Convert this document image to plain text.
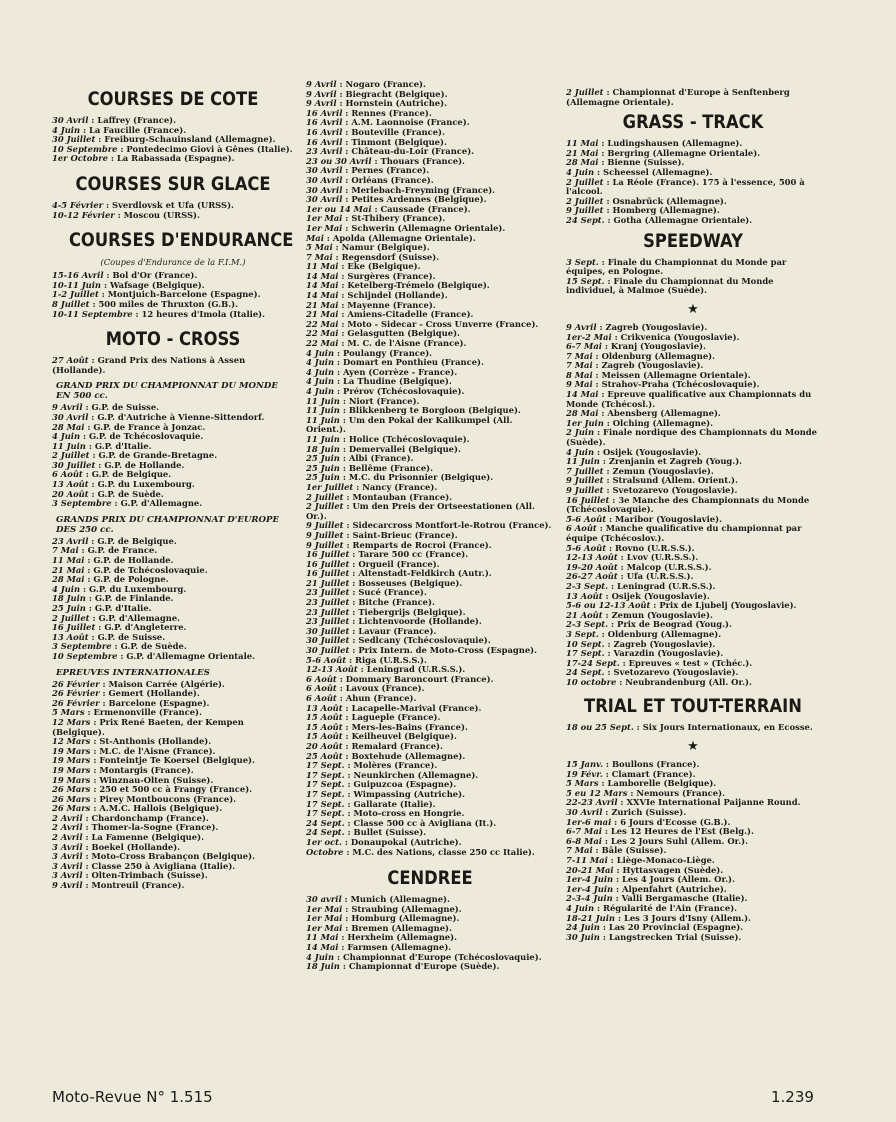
COURSES DE COTE
30 Avril : Laffrey (France).
4 Juin : La Faucille (France).
30 Juillet : Freiburg-Schauinsland (Allemagne).
10 Septembre : Pontedecimo Giovi à Gênes (Italie).
1er Octobre : La Rabassada (Espagne).
COURSES SUR GLACE
4-5 Février : Sverdlovsk et Ufa (URSS).
10-12 Février : Moscou (URSS).
COURSES D'ENDURANCE
(Coupes d'Endurance de la F.I.M.)
15-16 Avril : Bol d'Or (France).
10-11 Juin : Wafsage (Belgique).
1-2 Juillet : Montjuich-Barcelone (Espagne).
8 Juillet : 500 miles de Thruxton (G.B.).
10-11 Septembre : 12 heures d'Imola (Italie).
MOTO - CROSS
27 Août : Grand Prix des Nations à Assen (Hollande).
GRAND PRIX DU CHAMPIONNAT DU MONDE EN 500 cc.
9 Avril : G.P. de Suisse.
30 Avril : G.P. d'Autriche à Vienne-Sittendorf.
28 Mai : G.P. de France à Jonzac.
4 Juin : G.P. de Tchécoslovaquie.
11 Juin : G.P. d'Italie.
2 Juillet : G.P. de Grande-Bretagne.
30 Juillet : G.P. de Hollande.
6 Août : G.P. de Belgique.
13 Août : G.P. du Luxembourg.
20 Août : G.P. de Suède.
3 Septembre : G.P. d'Allemagne.
GRANDS PRIX DU CHAMPIONNAT D'EUROPE DES 250 cc.
23 Avril : G.P. de Belgique.
7 Mai : G.P. de France.
11 Mai : G.P. de Hollande.
21 Mai : G.P. de Tchécoslovaquie.
28 Mai : G.P. de Pologne.
4 Juin : G.P. du Luxembourg.
18 Juin : G.P. de Finlande.
25 Juin : G.P. d'Italie.
2 Juillet : G.P. d'Allemagne.
16 Juillet : G.P. d'Angleterre.
13 Août : G.P. de Suisse.
3 Septembre : G.P. de Suède.
10 Septembre : G.P. d'Allemagne Orientale.
EPREUVES INTERNATIONALES
26 Février : Maison Carrée (Algérie).
26 Février : Gemert (Hollande).
26 Février : Barcelone (Espagne).
5 Mars : Ermenonville (France).
12 Mars : Prix René Baeten, der Kempen (Belgique).
12 Mars : St-Anthonis (Hollande).
19 Mars : M.C. de l'Aisne (France).
19 Mars : Fonteintje Te Koersel (Belgique).
19 Mars : Montargis (France).
19 Mars : Winznau-Olten (Suisse).
26 Mars : 250 et 500 cc à Frangy (France).
26 Mars : Pirey Montboucons (France).
26 Mars : A.M.C. Hallois (Belgique).
2 Avril : Chardonchamp (France).
2 Avril : Thomer-la-Sogne (France).
2 Avril : La Famenne (Belgique).
3 Avril : Boekel (Hollande).
3 Avril : Moto-Cross Brabançon (Belgique).
3 Avril : Classe 250 à Avigliana (Italie).
3 Avril : Olten-Trimbach (Suisse).
9 Avril : Montreuil (France).
9 Avril : Nogaro (France).
9 Avril : Biegracht (Belgique).
9 Avril : Hornstein (Autriche).
16 Avril : Rennes (France).
16 Avril : A.M. Laonnoise (France).
16 Avril : Bouteville (France).
16 Avril : Tinmont (Belgique).
23 Avril : Château-du-Loir (France).
23 ou 30 Avril : Thouars (France).
30 Avril : Pernes (France).
30 Avril : Orléans (France).
30 Avril : Merlebach-Freyming (France).
30 Avril : Petites Ardennes (Belgique).
1er ou 14 Mai : Caussade (France).
1er Mai : St-Thibery (France).
1er Mai : Schwerin (Allemagne Orientale).
Mai : Apolda (Allemagne Orientale).
5 Mai : Namur (Belgique).
7 Mai : Regensdorf (Suisse).
11 Mai : Eke (Belgique).
14 Mai : Surgères (France).
14 Mai : Ketelberg-Trémelo (Belgique).
14 Mai : Schijndel (Hollande).
21 Mai : Mayenne (France).
21 Mai : Amiens-Citadelle (France).
22 Mai : Moto - Sidecar - Cross Unverre (France).
22 Mai : Gelasgutten (Belgique).
22 Mai : M. C. de l'Aisne (France).
4 Juin : Poulangy (France).
4 Juin : Domart en Ponthieu (France).
4 Juin : Ayen (Corrèze - France).
4 Juin : La Thudine (Belgique).
4 Juin : Prérov (Tchécoslovaquie).
11 Juin : Niort (France).
11 Juin : Blikkenberg te Borgloon (Belgique).
11 Juin : Um den Pokal der Kalikumpel (All. Orient.).
11 Juin : Holice (Tchécoslovaquie).
18 Juin : Demervallei (Belgique).
25 Juin : Albi (France).
25 Juin : Bellême (France).
25 Juin : M.C. du Prisonnier (Belgique).
1er Juillet : Nancy (France).
2 Juillet : Montauban (France).
2 Juillet : Um den Preis der Ortseestationen (All. Or.).
9 Juillet : Sidecarcross Montfort-le-Rotrou (France).
9 Juillet : Saint-Brieuc (France).
9 Juillet : Remparts de Rocroi (France).
16 Juillet : Tarare 500 cc (France).
16 Juillet : Orgueil (France).
16 Juillet : Altenstadt-Feldkirch (Autr.).
21 Juillet : Bosseuses (Belgique).
23 Juillet : Sucé (France).
23 Juillet : Bitche (France).
23 Juillet : Tiebergrijs (Belgique).
23 Juillet : Lichtenvoorde (Hollande).
30 Juillet : Lavaur (France).
30 Juillet : Sedlcany (Tchécoslovaquie).
30 Juillet : Prix Intern. de Moto-Cross (Espagne).
5-6 Août : Riga (U.R.S.S.).
12-13 Août : Leningrad (U.R.S.S.).
6 Août : Dommary Baroncourt (France).
6 Août : Lavoux (France).
6 Août : Ahun (France).
13 Août : Lacapelle-Marival (France).
15 Août : Lagueple (France).
15 Août : Mers-les-Bains (France).
15 Août : Keilheuvel (Belgique).
20 Août : Remalard (France).
25 Août : Boxtehude (Allemagne).
17 Sept. : Molères (France).
17 Sept. : Neunkirchen (Allemagne).
17 Sept. : Guipuzcoa (Espagne).
17 Sept. : Wimpassing (Autriche).
17 Sept. : Gallarate (Italie).
17 Sept. : Moto-cross en Hongrie.
24 Sept. : Classe 500 cc à Avigliana (It.).
24 Sept. : Bullet (Suisse).
1er oct. : Donaupokal (Autriche).
Octobre : M.C. des Nations, classe 250 cc Italie).
CENDREE
30 avril : Munich (Allemagne).
1er Mai : Straubing (Allemagne).
1er Mai : Homburg (Allemagne).
1er Mai : Bremen (Allemagne).
11 Mai : Herxheim (Allemagne).
14 Mai : Farmsen (Allemagne).
4 Juin : Championnat d'Europe (Tchécoslovaquie).
18 Juin : Championnat d'Europe (Suède).
2 Juillet : Championnat d'Europe à Senftenberg (Allemagne Orientale).
GRASS - TRACK
11 Mai : Ludingshausen (Allemagne).
21 Mai : Bergring (Allemagne Orientale).
28 Mai : Bienne (Suisse).
4 Juin : Scheessel (Allemagne).
2 Juillet : La Réole (France). 175 à l'essence, 500 à l'alcool.
2 Juillet : Osnabrück (Allemagne).
9 Juillet : Homberg (Allemagne).
24 Sept. : Gotha (Allemagne Orientale).
SPEEDWAY
3 Sept. : Finale du Championnat du Monde par équipes, en Pologne.
15 Sept. : Finale du Championnat du Monde individuel, à Malmoe (Suède).
★
9 Avril : Zagreb (Yougoslavie).
1er-2 Mai : Crikvenica (Yougoslavie).
6-7 Mai : Kranj (Yougoslavie).
7 Mai : Oldenburg (Allemagne).
7 Mai : Zagreb (Yougoslavie).
8 Mai : Meissen (Allemagne Orientale).
9 Mai : Strahov-Praha (Tchécoslovaquie).
14 Mai : Epreuve qualificative aux Championnats du Monde (Tchécosl.).
28 Mai : Abensberg (Allemagne).
1er Juin : Olching (Allemagne).
2 Juin : Finale nordique des Championnats du Monde (Suède).
4 Juin : Osijek (Yougoslavie).
11 Juin : Zrenjanin et Zagreb (Youg.).
7 Juillet : Zemun (Yougoslavie).
9 Juillet : Stralsund (Allem. Orient.).
9 Juillet : Svetozarevo (Yougoslavie).
16 Juillet : 3e Manche des Championnats du Monde (Tchécoslovaquie).
5-6 Août : Maribor (Yougoslavie).
6 Août : Manche qualificative du championnat par équipe (Tchécoslov.).
5-6 Août : Rovno (U.R.S.S.).
12-13 Août : Lvov (U.R.S.S.).
19-20 Août : Malcop (U.R.S.S.).
26-27 Août : Ufa (U.R.S.S.).
2-3 Sept. : Leningrad (U.R.S.S.).
13 Août : Osijek (Yougoslavie).
5-6 ou 12-13 Août : Prix de Ljubelj (Yougoslavie).
21 Août : Zemun (Yougoslavie).
2-3 Sept. : Prix de Beograd (Youg.).
3 Sept. : Oldenburg (Allemagne).
10 Sept. : Zagreb (Yougoslavie).
17 Sept. : Varazdin (Yougoslavie).
17-24 Sept. : Epreuves « test » (Tchéc.).
24 Sept. : Svetozarevo (Yougoslavie).
10 octobre : Neubrandenburg (All. Or.).
TRIAL ET TOUT-TERRAIN
18 ou 25 Sept. : Six Jours Internationaux, en Ecosse.
★
15 Janv. : Boullons (France).
19 Févr. : Clamart (France).
5 Mars : Lamborelle (Belgique).
5 eu 12 Mars : Nemours (France).
22-23 Avril : XXVIe International Paijanne Round.
30 Avril : Zurich (Suisse).
1er-6 mai : 6 Jours d'Ecosse (G.B.).
6-7 Mai : Les 12 Heures de l'Est (Belg.).
6-8 Mai : Les 2 Jours Suhl (Allem. Or.).
7 Mai : Bâle (Suisse).
7-11 Mai : Liège-Monaco-Liège.
20-21 Mai : Hyttasvagen (Suède).
1er-4 Juin : Les 4 Jours (Allem. Or.).
1er-4 Juin : Alpenfahrt (Autriche).
2-3-4 Juin : Valli Bergamasche (Italie).
4 Juin : Régularité de l'Ain (France).
18-21 Juin : Les 3 Jours d'Isny (Allem.).
24 Juin : Las 20 Provincial (Espagne).
30 Juin : Langstrecken Trial (Suisse).
Moto-Revue N° 1.515	1.239
